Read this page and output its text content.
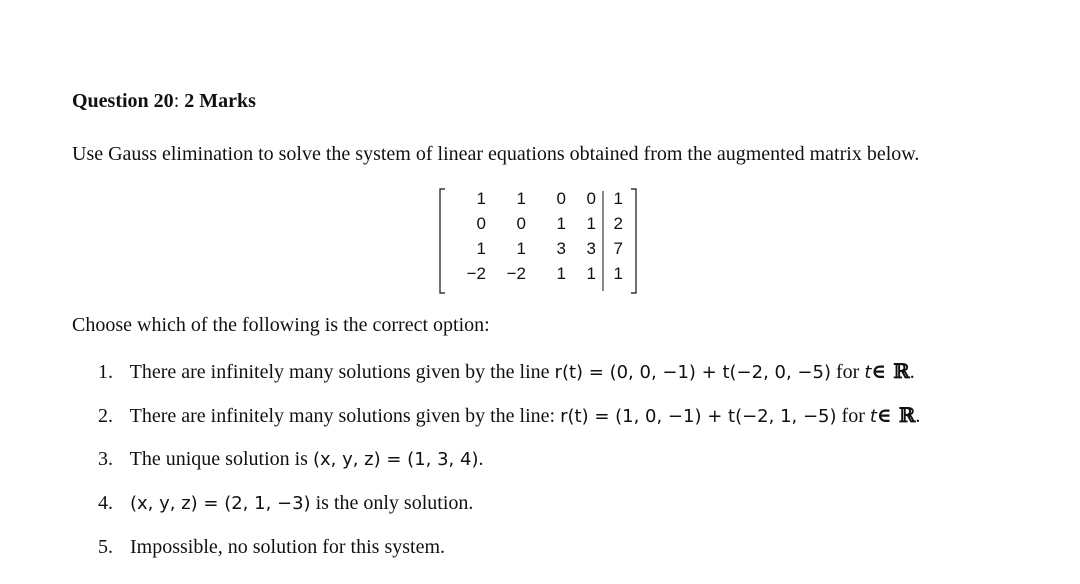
Question 20: 2 Marks
Use Gauss elimination to solve the system of linear equations obtained from the augmented matrix below.
1	1	0	0	1
0	0	1	1	2
1	1	3	3	7
−2	−2	1	1	1
Choose which of the following is the correct option:
1. There are infinitely many solutions given by the line r(t) = (0, 0, −1) + t(−2, 0, −5) for t∈ ℝ.
2. There are infinitely many solutions given by the line: r(t) = (1, 0, −1) + t(−2, 1, −5) for t∈ ℝ.
3. The unique solution is (x, y, z) = (1, 3, 4).
4. (x, y, z) = (2, 1, −3) is the only solution.
5. Impossible, no solution for this system.
